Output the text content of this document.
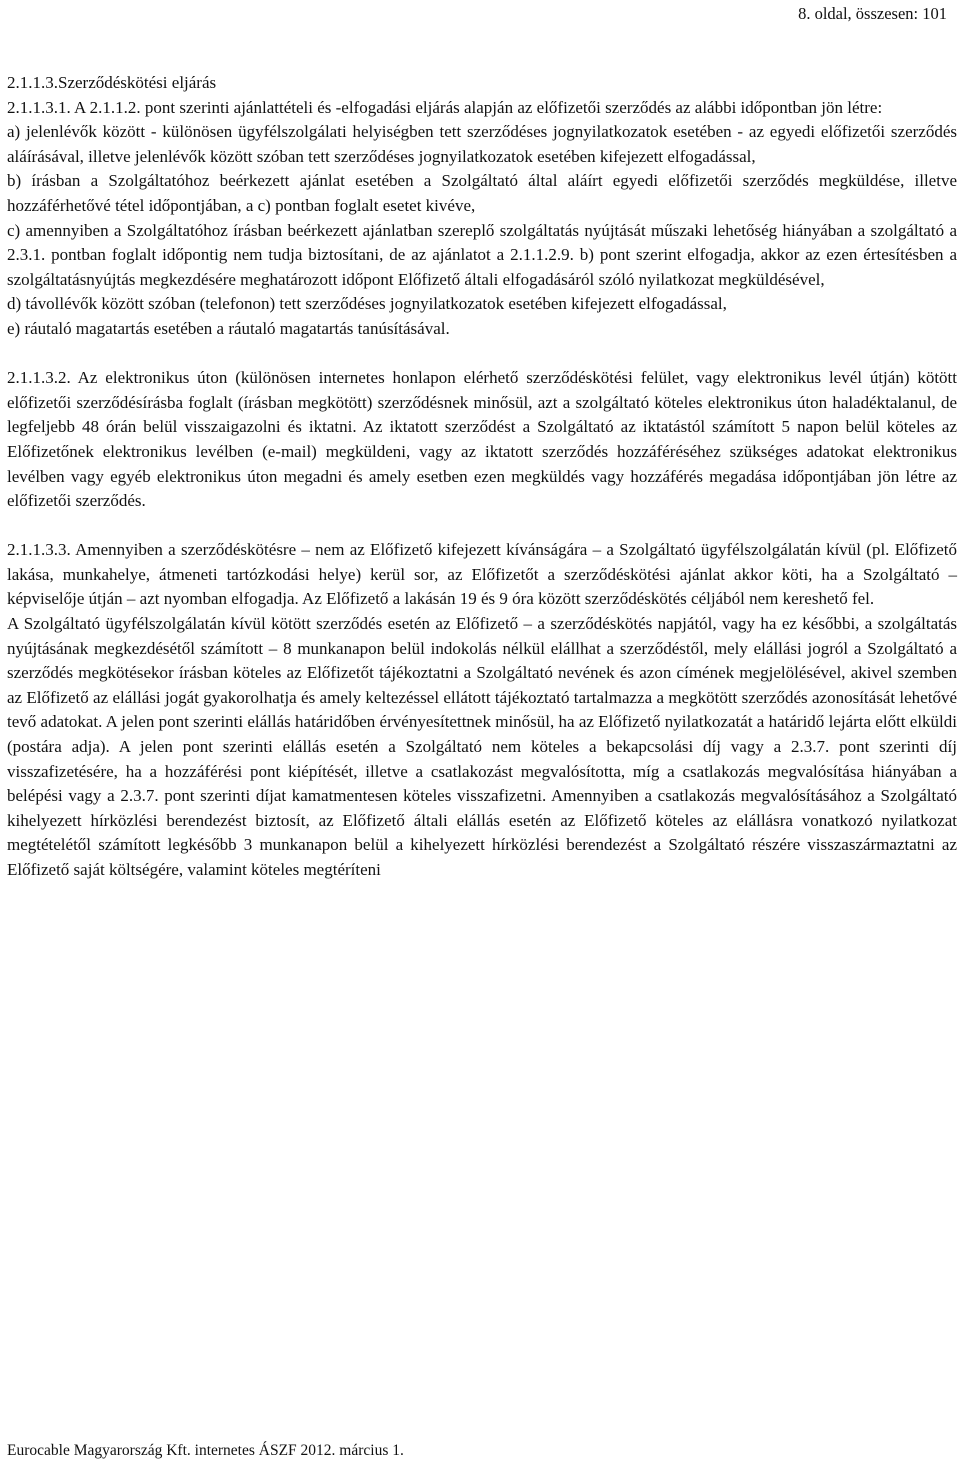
8. oldal, összesen: 101

2.1.1.3.Szerződéskötési eljárás

2.1.1.3.1. A 2.1.1.2. pont szerinti ajánlattételi és -elfogadási eljárás alapján az előfizetői szerződés az alábbi időpontban jön létre:

a) jelenlévők között - különösen ügyfélszolgálati helyiségben tett szerződéses jognyilatkozatok esetében - az egyedi előfizetői szerződés aláírásával, illetve jelenlévők között szóban tett szerződéses jognyilatkozatok esetében kifejezett elfogadással,

b) írásban a Szolgáltatóhoz beérkezett ajánlat esetében a Szolgáltató által aláírt egyedi előfizetői szerződés megküldése, illetve hozzáférhetővé tétel időpontjában, a c) pontban foglalt esetet kivéve,

c) amennyiben a Szolgáltatóhoz írásban beérkezett ajánlatban szereplő szolgáltatás nyújtását műszaki lehetőség hiányában a szolgáltató a 2.3.1. pontban foglalt időpontig nem tudja biztosítani, de az ajánlatot a 2.1.1.2.9. b) pont szerint elfogadja, akkor az ezen értesítésben a szolgáltatásnyújtás megkezdésére meghatározott időpont Előfizető általi elfogadásáról szóló nyilatkozat megküldésével,

d) távollévők között szóban (telefonon) tett szerződéses jognyilatkozatok esetében kifejezett elfogadással,

e) ráutaló magatartás esetében a ráutaló magatartás tanúsításával.

2.1.1.3.2. Az elektronikus úton (különösen internetes honlapon elérhető szerződéskötési felület, vagy elektronikus levél útján) kötött előfizetői szerződésírásba foglalt (írásban megkötött) szerződésnek minősül, azt a szolgáltató köteles elektronikus úton haladéktalanul, de legfeljebb 48 órán belül visszaigazolni és iktatni. Az iktatott szerződést a Szolgáltató az iktatástól számított 5 napon belül köteles az Előfizetőnek elektronikus levélben (e-mail) megküldeni, vagy az iktatott szerződés hozzáféréséhez szükséges adatokat elektronikus levélben vagy egyéb elektronikus úton megadni és amely esetben ezen megküldés vagy hozzáférés megadása időpontjában jön létre az előfizetői szerződés.

2.1.1.3.3. Amennyiben a szerződéskötésre – nem az Előfizető kifejezett kívánságára – a Szolgáltató ügyfélszolgálatán kívül (pl. Előfizető lakása, munkahelye, átmeneti tartózkodási helye) kerül sor, az Előfizetőt a szerződéskötési ajánlat akkor köti, ha a Szolgáltató – képviselője útján – azt nyomban elfogadja. Az Előfizető a lakásán 19 és 9 óra között szerződéskötés céljából nem kereshető fel.

A Szolgáltató ügyfélszolgálatán kívül kötött szerződés esetén az Előfizető – a szerződéskötés napjától, vagy ha ez későbbi, a szolgáltatás nyújtásának megkezdésétől számított – 8 munkanapon belül indokolás nélkül elállhat a szerződéstől, mely elállási jogról a Szolgáltató a szerződés megkötésekor írásban köteles az Előfizetőt tájékoztatni a Szolgáltató nevének és azon címének megjelölésével, akivel szemben az Előfizető az elállási jogát gyakorolhatja és amely keltezéssel ellátott tájékoztató tartalmazza a megkötött szerződés azonosítását lehetővé tevő adatokat. A jelen pont szerinti elállás határidőben érvényesítettnek minősül, ha az Előfizető nyilatkozatát a határidő lejárta előtt elküldi (postára adja). A jelen pont szerinti elállás esetén a Szolgáltató nem köteles a bekapcsolási díj vagy a 2.3.7. pont szerinti díj visszafizetésére, ha a hozzáférési pont kiépítését, illetve a csatlakozást megvalósította, míg a csatlakozás megvalósítása hiányában a belépési vagy a 2.3.7. pont szerinti díjat kamatmentesen köteles visszafizetni. Amennyiben a csatlakozás megvalósításához a Szolgáltató kihelyezett hírközlési berendezést biztosít, az Előfizető általi elállás esetén az Előfizető köteles az elállásra vonatkozó nyilatkozat megtételétől számított legkésőbb 3 munkanapon belül a kihelyezett hírközlési berendezést a Szolgáltató részére visszaszármaztatni az Előfizető saját költségére, valamint köteles megtéríteni

Eurocable Magyarország Kft. internetes ÁSZF 2012. március 1.
